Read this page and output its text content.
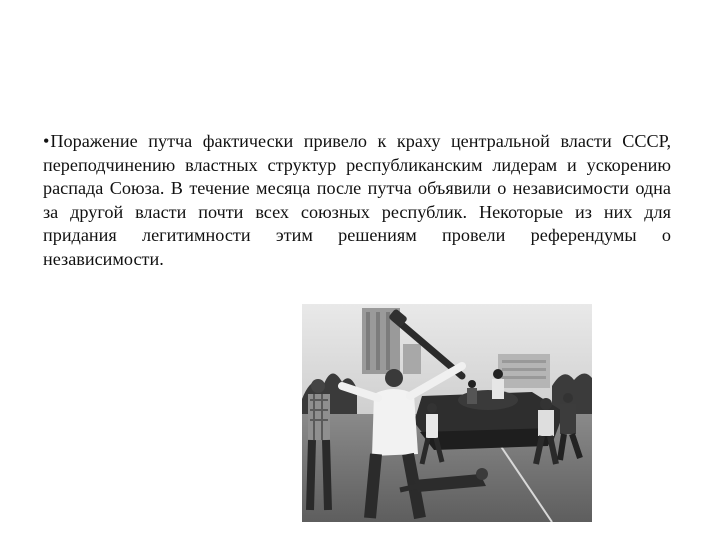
•Поражение путча фактически привело к краху центральной власти СССР, переподчинению властных структур республиканским лидерам и ускорению распада Союза. В течение месяца после путча объявили о независимости одна за другой власти почти всех союзных республик. Некоторые из них для придания легитимности этим решениям провели референдумы о независимости.
